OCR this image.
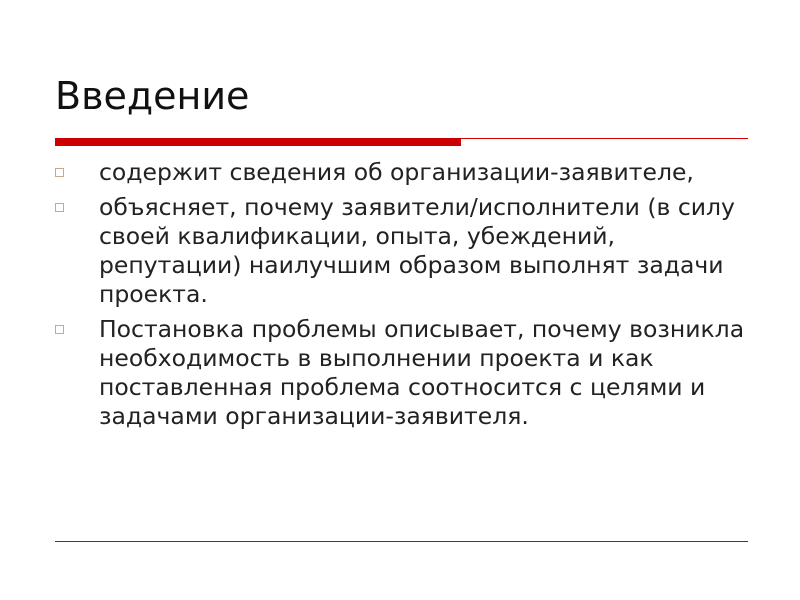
Введение
содержит сведения об организации-заявителе,
объясняет, почему заявители/исполнители (в силу своей квалификации, опыта, убеждений, репутации) наилучшим образом выполнят задачи проекта.
Постановка проблемы описывает, почему возникла необходимость в выполнении проекта и как поставленная проблема соотносится с целями и задачами организации-заявителя.
